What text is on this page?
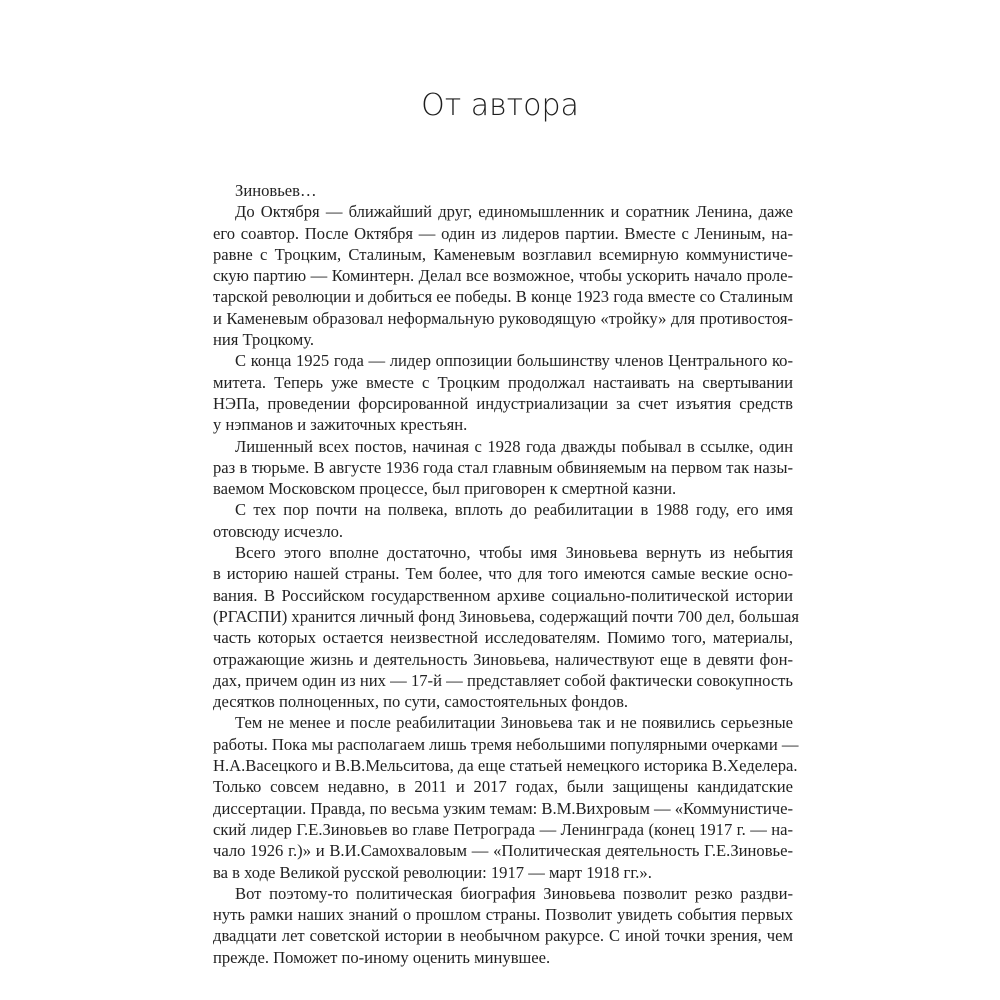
От автора
Зиновьев…
До Октября — ближайший друг, единомышленник и соратник Ленина, даже
его соавтор. После Октября — один из лидеров партии. Вместе с Лениным, на-
равне с Троцким, Сталиным, Каменевым возглавил всемирную коммунистиче-
скую партию — Коминтерн. Делал все возможное, чтобы ускорить начало проле-
тарской революции и добиться ее победы. В конце 1923 года вместе со Сталиным
и Каменевым образовал неформальную руководящую «тройку» для противостоя-
ния Троцкому.
С конца 1925 года — лидер оппозиции большинству членов Центрального ко-
митета. Теперь уже вместе с Троцким продолжал настаивать на свертывании
НЭПа, проведении форсированной индустриализации за счет изъятия средств
у нэпманов и зажиточных крестьян.
Лишенный всех постов, начиная с 1928 года дважды побывал в ссылке, один
раз в тюрьме. В августе 1936 года стал главным обвиняемым на первом так назы-
ваемом Московском процессе, был приговорен к смертной казни.
С тех пор почти на полвека, вплоть до реабилитации в 1988 году, его имя
отовсюду исчезло.
Всего этого вполне достаточно, чтобы имя Зиновьева вернуть из небытия
в историю нашей страны. Тем более, что для того имеются самые веские осно-
вания. В Российском государственном архиве социально-политической истории
(РГАСПИ) хранится личный фонд Зиновьева, содержащий почти 700 дел, большая
часть которых остается неизвестной исследователям. Помимо того, материалы,
отражающие жизнь и деятельность Зиновьева, наличествуют еще в девяти фон-
дах, причем один из них — 17-й — представляет собой фактически совокупность
десятков полноценных, по сути, самостоятельных фондов.
Тем не менее и после реабилитации Зиновьева так и не появились серьезные
работы. Пока мы располагаем лишь тремя небольшими популярными очерками —
Н.А.Васецкого и В.В.Мельситова, да еще статьей немецкого историка В.Хеделера.
Только совсем недавно, в 2011 и 2017 годах, были защищены кандидатские
диссертации. Правда, по весьма узким темам: В.М.Вихровым — «Коммунистиче-
ский лидер Г.Е.Зиновьев во главе Петрограда — Ленинграда (конец 1917 г. — на-
чало 1926 г.)» и В.И.Самохваловым — «Политическая деятельность Г.Е.Зиновье-
ва в ходе Великой русской революции: 1917 — март 1918 гг.».
Вот поэтому-то политическая биография Зиновьева позволит резко раздви-
нуть рамки наших знаний о прошлом страны. Позволит увидеть события первых
двадцати лет советской истории в необычном ракурсе. С иной точки зрения, чем
прежде. Поможет по-иному оценить минувшее.
